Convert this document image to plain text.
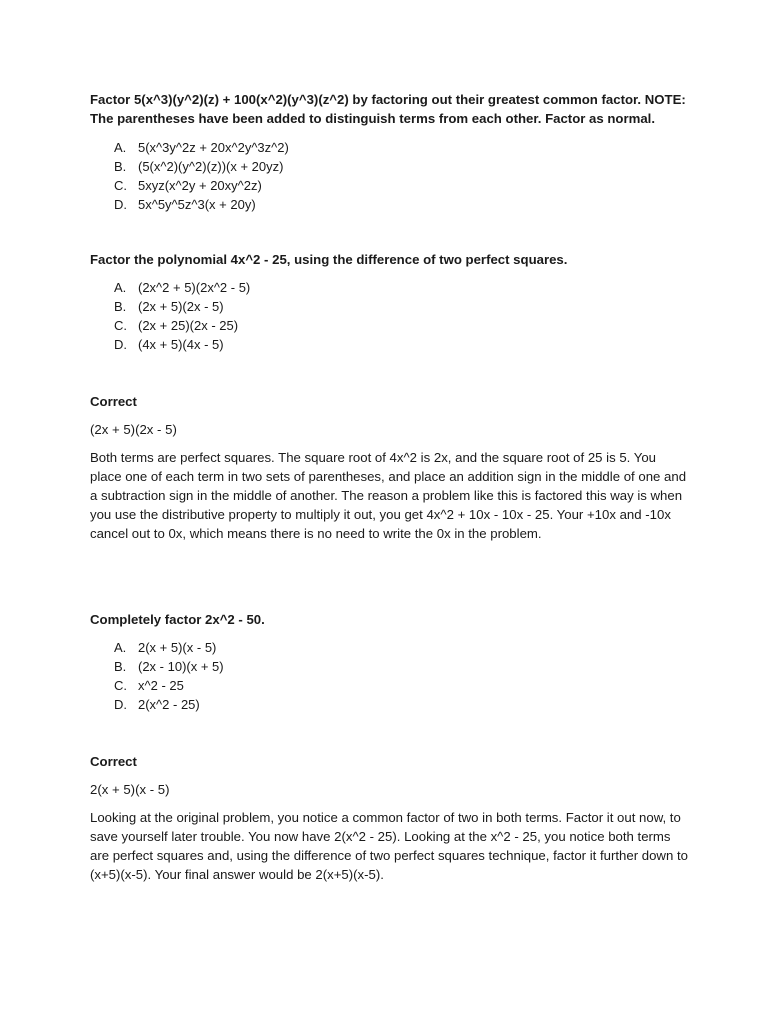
Factor 5(x^3)(y^2)(z) + 100(x^2)(y^3)(z^2) by factoring out their greatest common factor. NOTE: The parentheses have been added to distinguish terms from each other. Factor as normal.

A. 5(x^3y^2z + 20x^2y^3z^2)
B. (5(x^2)(y^2)(z))(x + 20yz)
C. 5xyz(x^2y + 20xy^2z)
D. 5x^5y^5z^3(x + 20y)

Factor the polynomial 4x^2 - 25, using the difference of two perfect squares.

A. (2x^2 + 5)(2x^2 - 5)
B. (2x + 5)(2x - 5)
C. (2x + 25)(2x - 25)
D. (4x + 5)(4x - 5)

Correct

(2x + 5)(2x - 5)

Both terms are perfect squares. The square root of 4x^2 is 2x, and the square root of 25 is 5. You place one of each term in two sets of parentheses, and place an addition sign in the middle of one and a subtraction sign in the middle of another. The reason a problem like this is factored this way is when you use the distributive property to multiply it out, you get 4x^2 + 10x - 10x - 25. Your +10x and -10x cancel out to 0x, which means there is no need to write the 0x in the problem.

Completely factor 2x^2 - 50.

A. 2(x + 5)(x - 5)
B. (2x - 10)(x + 5)
C. x^2 - 25
D. 2(x^2 - 25)

Correct

2(x + 5)(x - 5)

Looking at the original problem, you notice a common factor of two in both terms. Factor it out now, to save yourself later trouble. You now have 2(x^2 - 25). Looking at the x^2 - 25, you notice both terms are perfect squares and, using the difference of two perfect squares technique, factor it further down to (x+5)(x-5). Your final answer would be 2(x+5)(x-5).
